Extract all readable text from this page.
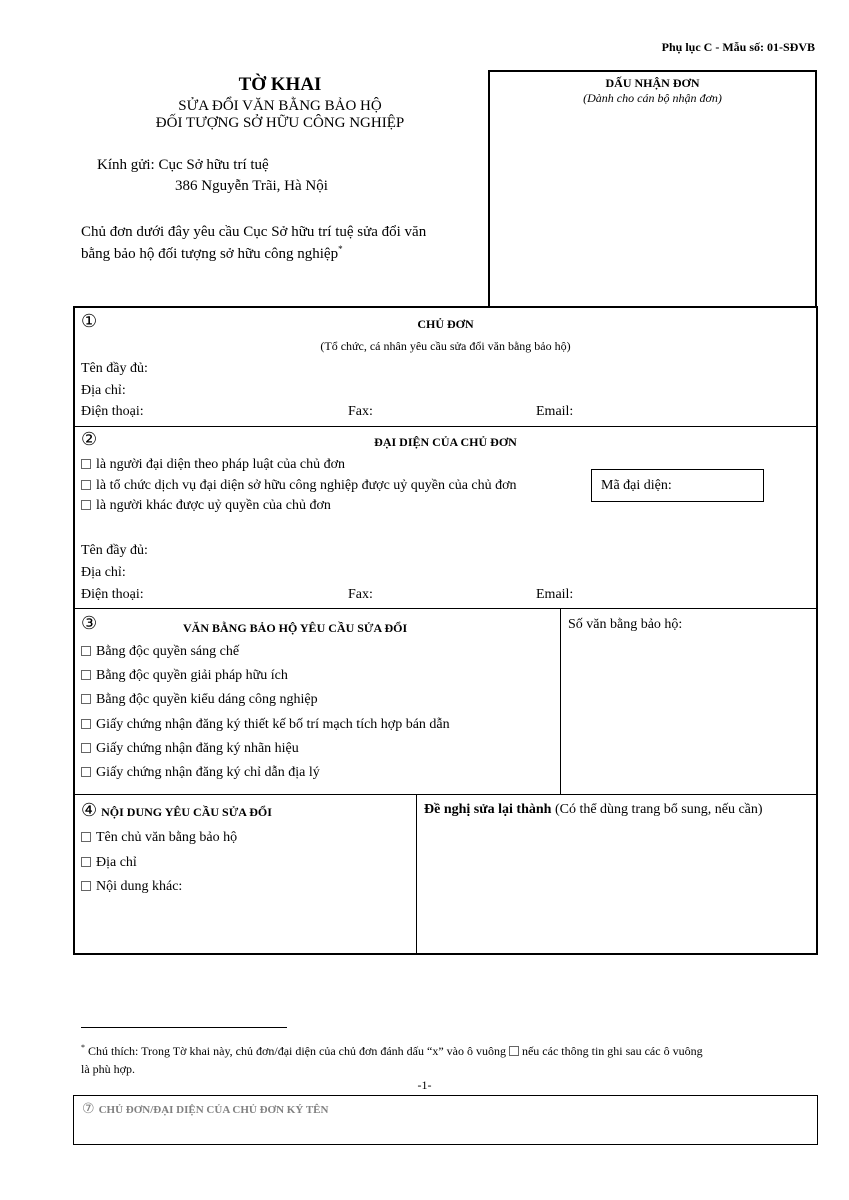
Phụ lục C - Mẫu số: 01-SĐVB
TỜ KHAI
SỬA ĐỔI VĂN BẰNG BẢO HỘ
ĐỐI TƯỢNG SỞ HỮU CÔNG NGHIỆP
Kính gửi: Cục Sở hữu trí tuệ
386 Nguyễn Trãi, Hà Nội
Chủ đơn dưới đây yêu cầu Cục Sở hữu trí tuệ sửa đổi văn
bằng bảo hộ đối tượng sở hữu công nghiệp*
DẤU NHẬN ĐƠN
(Dành cho cán bộ nhận đơn)
①	CHỦ ĐƠN
(Tổ chức, cá nhân yêu cầu sửa đổi văn bằng bảo hộ)
Tên đầy đủ:
Địa chỉ:
Điện thoại:	Fax:	Email:
②	ĐẠI DIỆN CỦA CHỦ ĐƠN
là người đại diện theo pháp luật của chủ đơn
là tổ chức dịch vụ đại diện sở hữu công nghiệp được uỷ quyền của chủ đơn
là người khác được uỷ quyền của chủ đơn
Mã đại diện:
Tên đầy đủ:
Địa chỉ:
Điện thoại:	Fax:	Email:
③	VĂN BẰNG BẢO HỘ YÊU CẦU SỬA ĐỔI	Số văn bằng bảo hộ:
Bằng độc quyền sáng chế
Bằng độc quyền giải pháp hữu ích
Bằng độc quyền kiểu dáng công nghiệp
Giấy chứng nhận đăng ký thiết kế bố trí mạch tích hợp bán dẫn
Giấy chứng nhận đăng ký nhãn hiệu
Giấy chứng nhận đăng ký chỉ dẫn địa lý
④ NỘI DUNG YÊU CẦU SỬA ĐỔI
Tên chủ văn bằng bảo hộ
Địa chỉ
Nội dung khác:
Đề nghị sửa lại thành (Có thể dùng trang bổ sung, nếu cần)
* Chú thích: Trong Tờ khai này, chủ đơn/đại diện của chủ đơn đánh dấu “x” vào ô vuông  nếu các thông tin ghi sau các ô vuông
là phù hợp.
-1-
⑦ CHỦ ĐƠN/ĐẠI DIỆN CỦA CHỦ ĐƠN KÝ TÊN
